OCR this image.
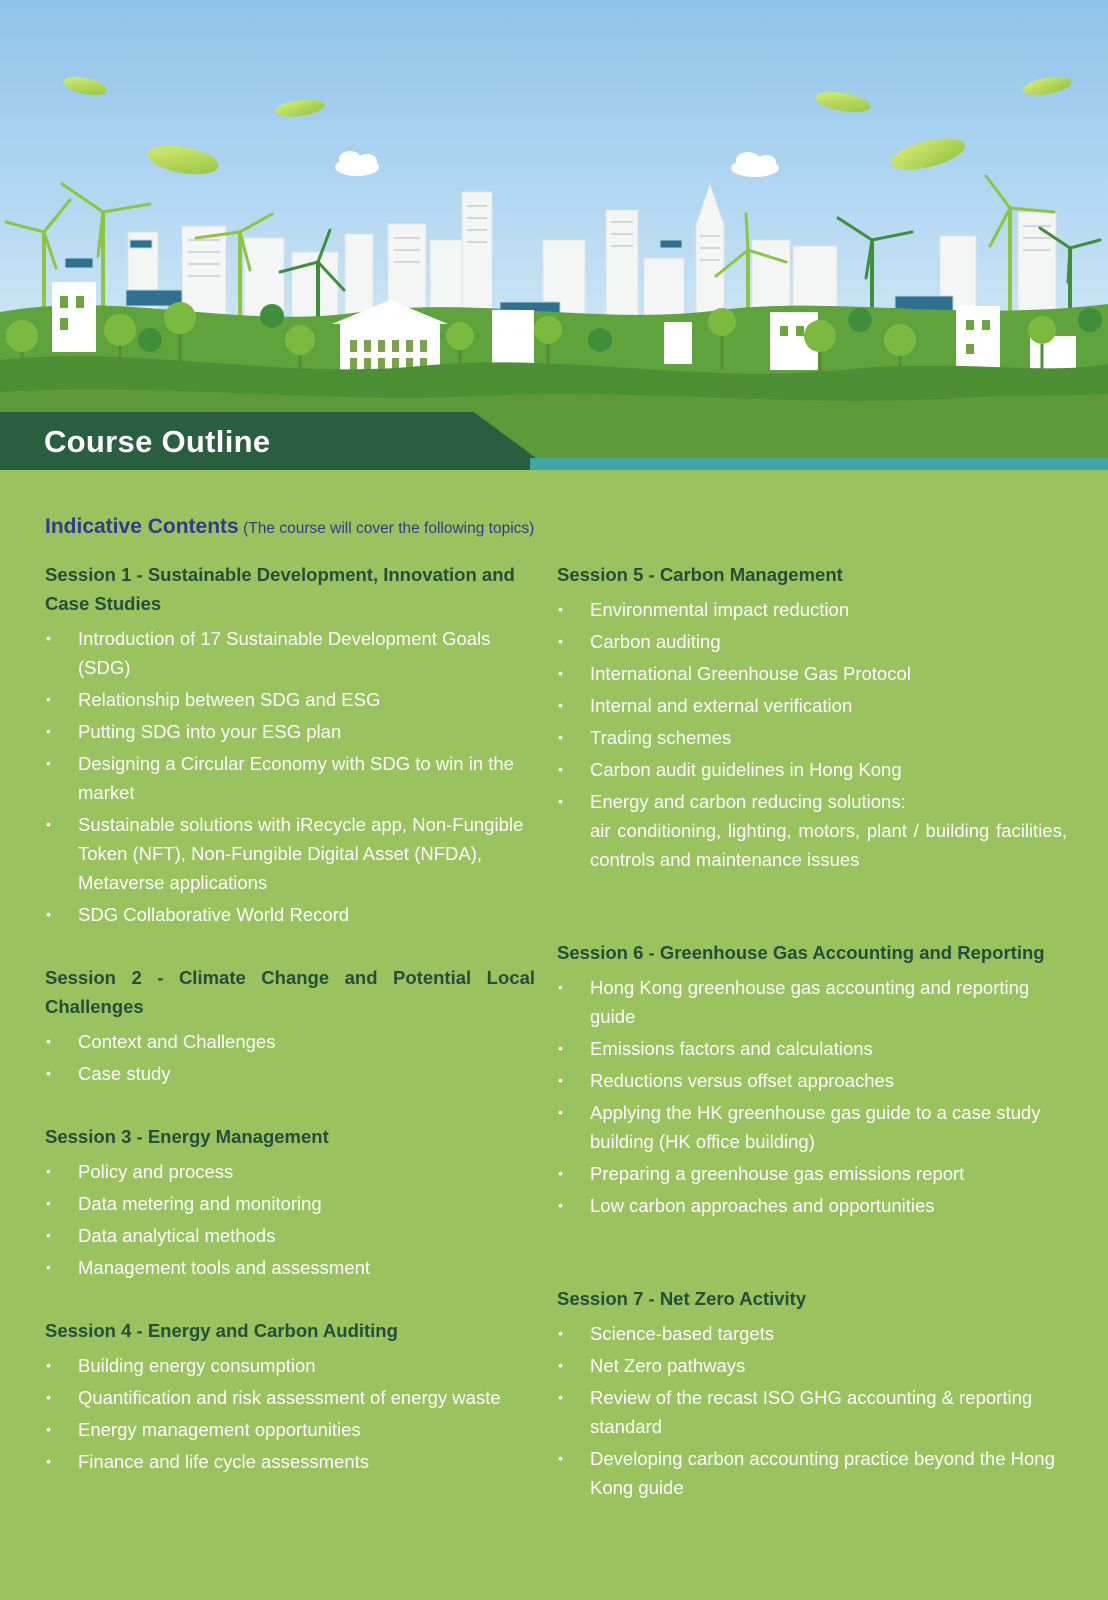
Course Outline
Indicative Contents (The course will cover the following topics)
Session 1 - Sustainable Development, Innovation and Case Studies
• Introduction of 17 Sustainable Development Goals (SDG)
• Relationship between SDG and ESG
• Putting SDG into your ESG plan
• Designing a Circular Economy with SDG to win in the market
• Sustainable solutions with iRecycle app, Non-Fungible Token (NFT), Non-Fungible Digital Asset (NFDA), Metaverse applications
• SDG Collaborative World Record
Session 2 - Climate Change and Potential Local Challenges
• Context and Challenges
• Case study
Session 3 - Energy Management
• Policy and process
• Data metering and monitoring
• Data analytical methods
• Management tools and assessment
Session 4 - Energy and Carbon Auditing
• Building energy consumption
• Quantification and risk assessment of energy waste
• Energy management opportunities
• Finance and life cycle assessments
Session 5 - Carbon Management
• Environmental impact reduction
• Carbon auditing
• International Greenhouse Gas Protocol
• Internal and external verification
• Trading schemes
• Carbon audit guidelines in Hong Kong
• Energy and carbon reducing solutions:
air conditioning, lighting, motors, plant / building facilities, controls and maintenance issues
Session 6 - Greenhouse Gas Accounting and Reporting
• Hong Kong greenhouse gas accounting and reporting guide
• Emissions factors and calculations
• Reductions versus offset approaches
• Applying the HK greenhouse gas guide to a case study building (HK office building)
• Preparing a greenhouse gas emissions report
• Low carbon approaches and opportunities
Session 7 - Net Zero Activity
• Science-based targets
• Net Zero pathways
• Review of the recast ISO GHG accounting & reporting standard
• Developing carbon accounting practice beyond the Hong Kong guide
